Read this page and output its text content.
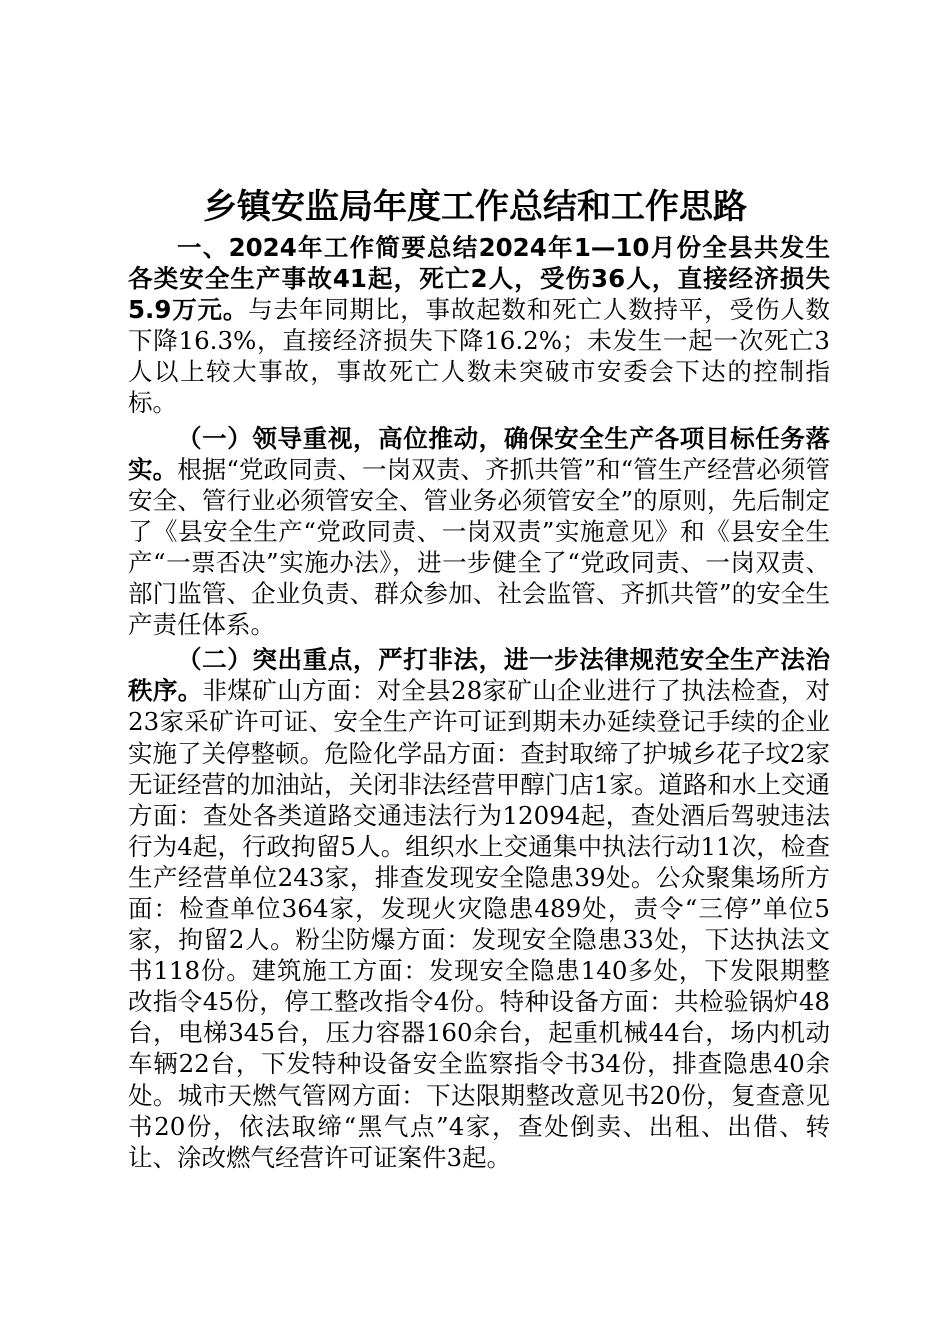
乡镇安监局年度工作总结和工作思路

一、2024年工作简要总结2024年1—10月份全县共发生各类安全生产事故41起，死亡2人，受伤36人，直接经济损失5.9万元。与去年同期比，事故起数和死亡人数持平，受伤人数下降16.3%，直接经济损失下降16.2%；未发生一起一次死亡3人以上较大事故，事故死亡人数未突破市安委会下达的控制指标。

（一）领导重视，高位推动，确保安全生产各项目标任务落实。根据“党政同责、一岗双责、齐抓共管”和“管生产经营必须管安全、管行业必须管安全、管业务必须管安全”的原则，先后制定了《县安全生产“党政同责、一岗双责”实施意见》和《县安全生产“一票否决”实施办法》，进一步健全了“党政同责、一岗双责、部门监管、企业负责、群众参加、社会监管、齐抓共管”的安全生产责任体系。

（二）突出重点，严打非法，进一步法律规范安全生产法治秩序。非煤矿山方面：对全县28家矿山企业进行了执法检查，对23家采矿许可证、安全生产许可证到期未办延续登记手续的企业实施了关停整顿。危险化学品方面：查封取缔了护城乡花子坟2家无证经营的加油站，关闭非法经营甲醇门店1家。道路和水上交通方面：查处各类道路交通违法行为12094起，查处酒后驾驶违法行为4起，行政拘留5人。组织水上交通集中执法行动11次，检查生产经营单位243家，排查发现安全隐患39处。公众聚集场所方面：检查单位364家，发现火灾隐患489处，责令“三停”单位5家，拘留2人。粉尘防爆方面：发现安全隐患33处，下达执法文书118份。建筑施工方面：发现安全隐患140多处，下发限期整改指令45份，停工整改指令4份。特种设备方面：共检验锅炉48台，电梯345台，压力容器160余台，起重机械44台，场内机动车辆22台，下发特种设备安全监察指令书34份，排查隐患40余处。城市天燃气管网方面：下达限期整改意见书20份，复查意见书20份，依法取缔“黑气点”4家，查处倒卖、出租、出借、转让、涂改燃气经营许可证案件3起。
